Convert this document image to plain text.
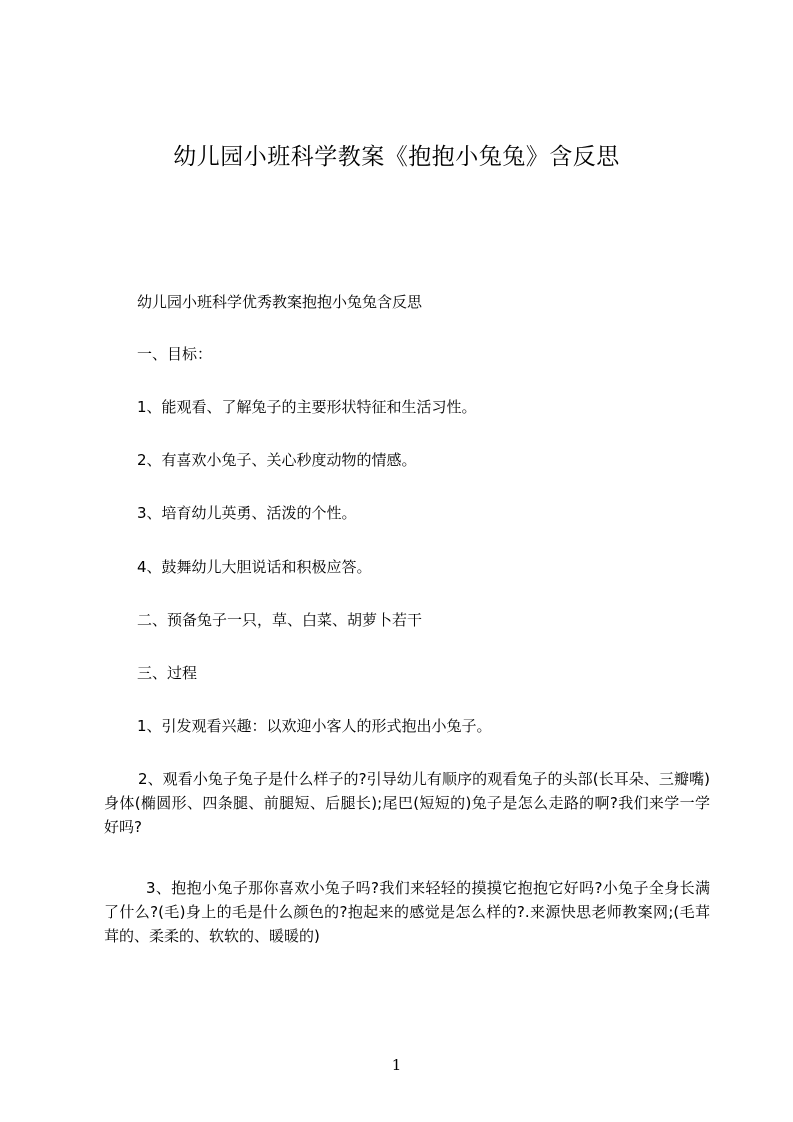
幼儿园小班科学教案《抱抱小兔兔》含反思
幼儿园小班科学优秀教案抱抱小兔兔含反思
一、目标：
1、能观看、了解兔子的主要形状特征和生活习性。
2、有喜欢小兔子、关心秒度动物的情感。
3、培育幼儿英勇、活泼的个性。
4、鼓舞幼儿大胆说话和积极应答。
二、预备兔子一只，草、白菜、胡萝卜若干
三、过程
1、引发观看兴趣：以欢迎小客人的形式抱出小兔子。
2、观看小兔子兔子是什么样子的?引导幼儿有顺序的观看兔子的头部(长耳朵、三瓣嘴)身体(椭圆形、四条腿、前腿短、后腿长);尾巴(短短的)兔子是怎么走路的啊?我们来学一学好吗?
3、抱抱小兔子那你喜欢小兔子吗?我们来轻轻的摸摸它抱抱它好吗?小兔子全身长满了什么?(毛)身上的毛是什么颜色的?抱起来的感觉是怎么样的?.来源快思老师教案网;(毛茸茸的、柔柔的、软软的、暖暖的)
1
